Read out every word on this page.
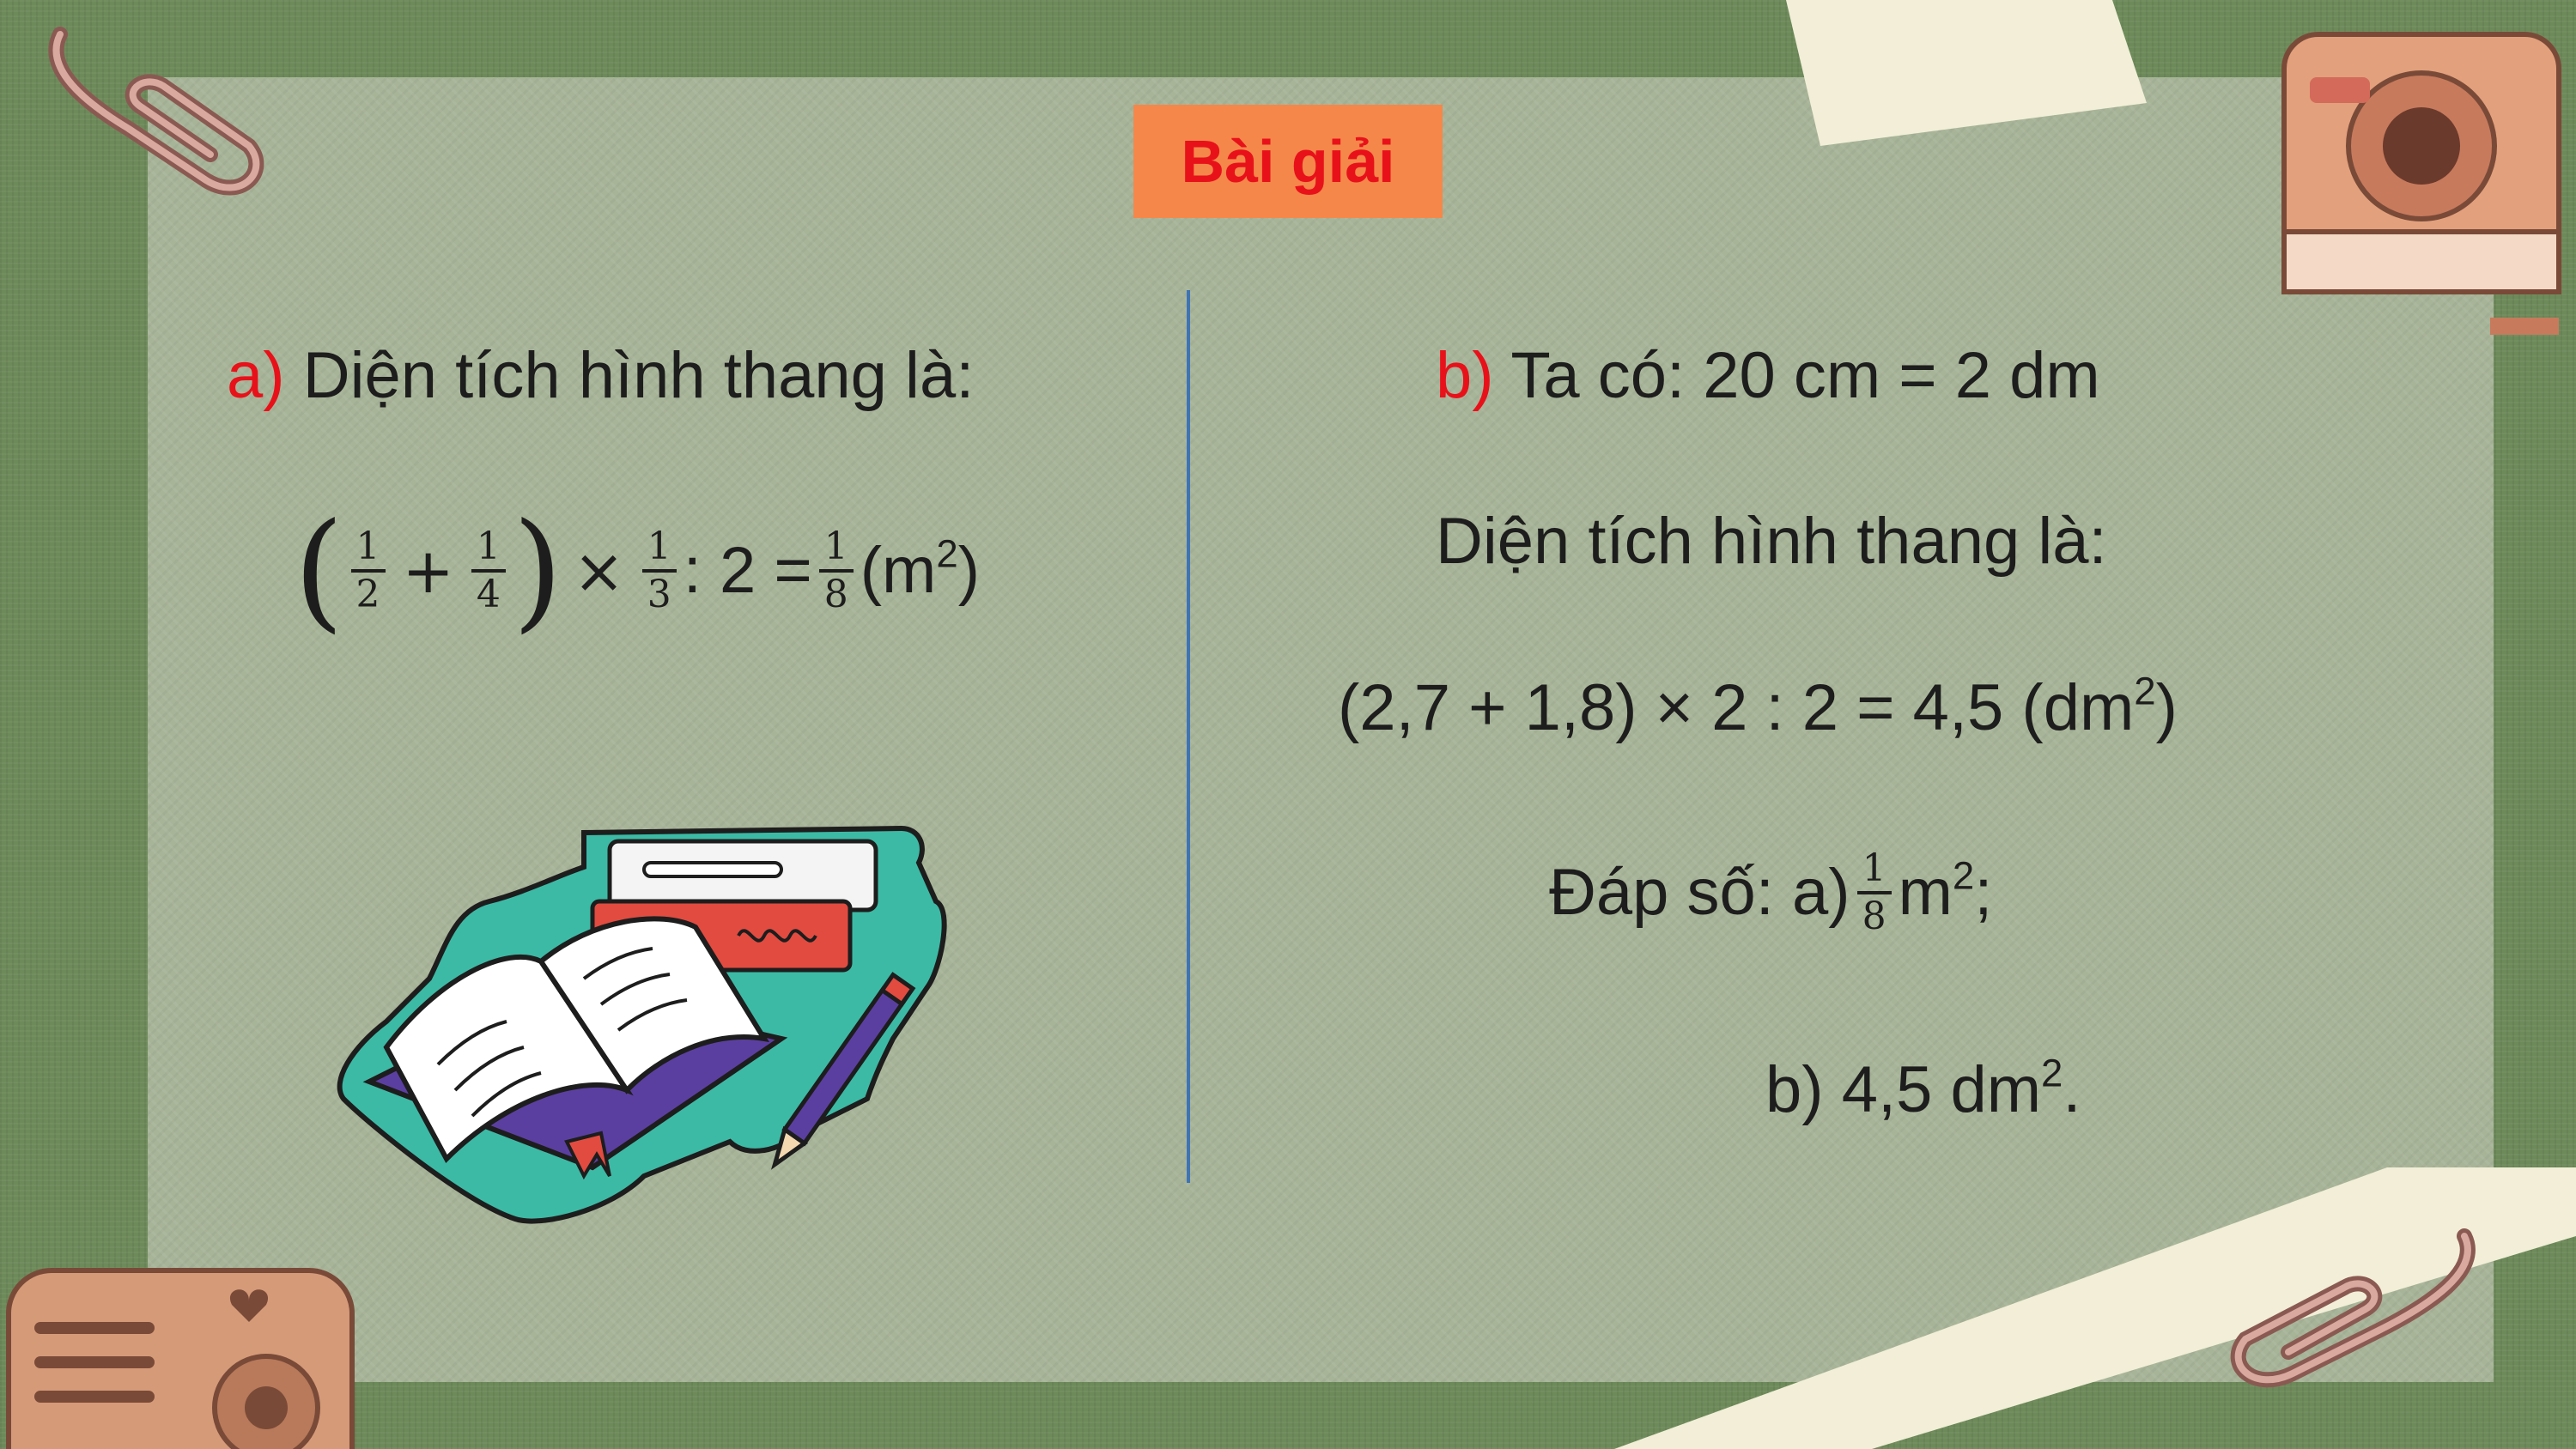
Bài giải
a) Diện tích hình thang là:
( $\frac{1}{2} + \frac{1}{4}$ ) × $\frac{1}{3}$ : $2 = \frac{1}{8} (m^2)$
b) Ta có: 20 cm = 2 dm
Diện tích hình thang là:
(2,7 + 1,8) × 2 : 2 = 4,5 $(dm^2)$
Đáp số: $a) \frac{1}{8} m^2$;
b) 4,5 $dm^2$.
